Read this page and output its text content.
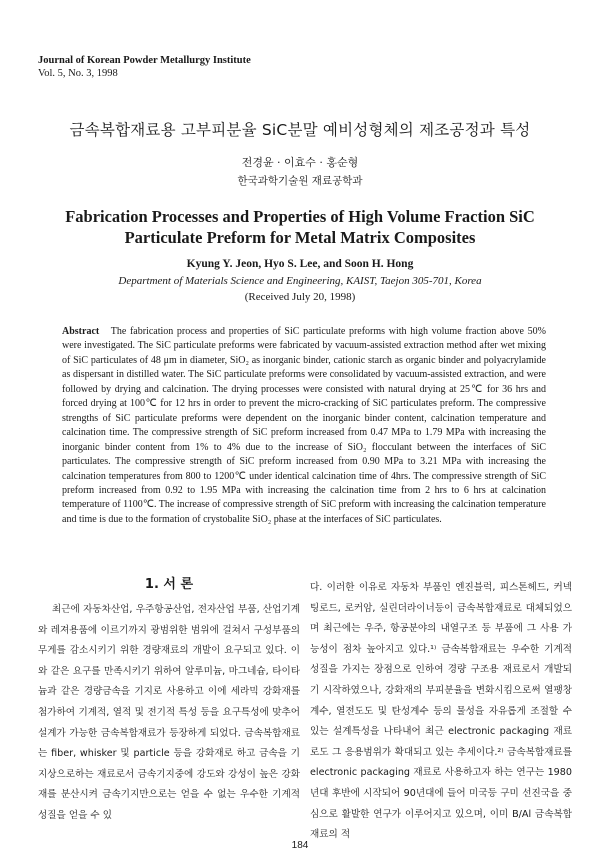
Journal of Korean Powder Metallurgy Institute
Vol. 5, No. 3, 1998
금속복합재료용 고부피분율 SiC분말 예비성형체의 제조공정과 특성
전경윤 · 이효수 · 홍순형
한국과학기술원 재료공학과
Fabrication Processes and Properties of High Volume Fraction SiC
Particulate Preform for Metal Matrix Composites
Kyung Y. Jeon, Hyo S. Lee, and Soon H. Hong
Department of Materials Science and Engineering, KAIST, Taejon 305-701, Korea
(Received July 20, 1998)
Abstract The fabrication process and properties of SiC particulate preforms with high volume fraction above 50% were investigated. The SiC particulate preforms were fabricated by vacuum-assisted extraction method after wet mixing of SiC particulates of 48 μm in diameter, SiO₂ as inorganic binder, cationic starch as organic binder and polyacrylamide as dispersant in distilled water. The SiC particulate preforms were consolidated by vacuum-assisted extraction, and were followed by drying and calcination. The drying processes were consisted with natural drying at 25℃ for 36 hrs and forced drying at 100℃ for 12 hrs in order to prevent the micro-cracking of SiC particulates preform. The compressive strengths of SiC particulate preforms were dependent on the inorganic binder content, calcination temperature and calcination time. The compressive strength of SiC preform increased from 0.47 MPa to 1.79 MPa with increasing the inorganic binder content from 1% to 4% due to the increase of SiO₂ flocculant between the interfaces of SiC particulates. The compressive strength of SiC preform increased from 0.90 MPa to 3.21 MPa with increasing the calcination temperatures from 800 to 1200℃ under identical calcination time of 4hrs. The compressive strength of SiC preform increased from 0.92 to 1.95 MPa with increasing the calcination time from 2 hrs to 6 hrs at calcination temperature of 1100℃. The increase of compressive strength of SiC preform with increasing the calcination temperature and time is due to the formation of crystobalite SiO₂ phase at the interfaces of SiC particulates.
1. 서 론

최근에 자동차산업, 우주항공산업, 전자산업 부품, 산업기계와 레져용품에 이르기까지 광범위한 범위에 걸쳐서 구성부품의 무게를 감소시키기 위한 경량재료의 개발이 요구되고 있다. 이와 같은 요구를 만족시키기 위하여 알루미늄, 마그네슘, 타이타늄과 같은 경량금속을 기지로 사용하고 이에 세라믹 강화재를 첨가하여 기계적, 열적 및 전기적 특성 등을 요구특성에 맞추어 설계가 가능한 금속복합재료가 등장하게 되었다. 금속복합재료는 fiber, whisker 및 particle 등을 강화재로 하고 금속을 기지상으로하는 재료로서 금속기지중에 강도와 강성이 높은 강화재를 분산시켜 금속기지만으로는 얻을 수 없는 우수한 기계적 성질을 얻을 수 있

다. 이러한 이유로 자동차 부품인 엔진블럭, 피스톤헤드, 커넥팅로드, 로커암, 실린더라이너등이 금속복합재료로 대체되었으며 최근에는 우주, 항공분야의 내열구조 등 부품에 그 사용 가능성이 점차 높아지고 있다.¹⁾ 금속복합재료는 우수한 기계적 성질을 가지는 장점으로 인하여 경량 구조용 재료로서 개발되기 시작하였으나, 강화재의 부피분율을 변화시킴으로써 열팽창계수, 열전도도 및 탄성계수 등의 물성을 자유롭게 조절할 수 있는 설계특성을 나타내어 최근 electronic packaging 재료로도 그 응용범위가 확대되고 있는 추세이다.²⁾ 금속복합재료를 electronic packaging 재료로 사용하고자 하는 연구는 1980년대 후반에 시작되어 90년대에 들어 미국등 구미 선진국을 중심으로 활발한 연구가 이루어지고 있으며, 이미 B/Al 금속복합재료의 적

184
